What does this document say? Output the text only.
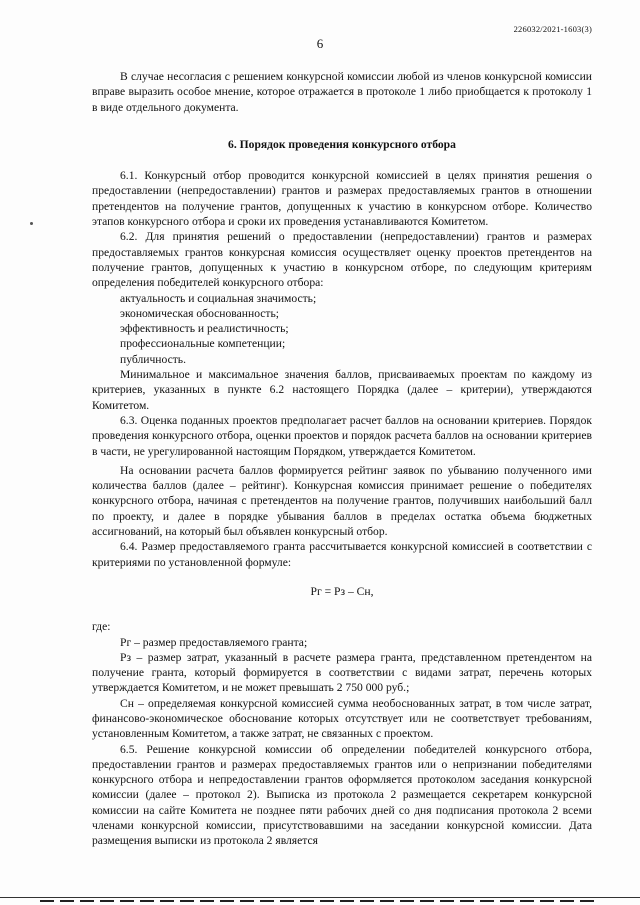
226032/2021-1603(3)
6

В случае несогласия с решением конкурсной комиссии любой из членов конкурсной комиссии вправе выразить особое мнение, которое отражается в протоколе 1 либо приобщается к протоколу 1 в виде отдельного документа.

6. Порядок проведения конкурсного отбора

6.1. Конкурсный отбор проводится конкурсной комиссией в целях принятия решения о предоставлении (непредоставлении) грантов и размерах предоставляемых грантов в отношении претендентов на получение грантов, допущенных к участию в конкурсном отборе. Количество этапов конкурсного отбора и сроки их проведения устанавливаются Комитетом.

6.2. Для принятия решений о предоставлении (непредоставлении) грантов и размерах предоставляемых грантов конкурсная комиссия осуществляет оценку проектов претендентов на получение грантов, допущенных к участию в конкурсном отборе, по следующим критериям определения победителей конкурсного отбора:

актуальность и социальная значимость;

экономическая обоснованность;

эффективность и реалистичность;

профессиональные компетенции;

публичность.

Минимальное и максимальное значения баллов, присваиваемых проектам по каждому из критериев, указанных в пункте 6.2 настоящего Порядка (далее – критерии), утверждаются Комитетом.

6.3. Оценка поданных проектов предполагает расчет баллов на основании критериев. Порядок проведения конкурсного отбора, оценки проектов и порядок расчета баллов на основании критериев в части, не урегулированной настоящим Порядком, утверждается Комитетом.

На основании расчета баллов формируется рейтинг заявок по убыванию полученного ими количества баллов (далее – рейтинг). Конкурсная комиссия принимает решение о победителях конкурсного отбора, начиная с претендентов на получение грантов, получивших наибольший балл по проекту, и далее в порядке убывания баллов в пределах остатка объема бюджетных ассигнований, на который был объявлен конкурсный отбор.

6.4. Размер предоставляемого гранта рассчитывается конкурсной комиссией в соответствии с критериями по установленной формуле:

Рг = Рз – Сн,

где:

Рг – размер предоставляемого гранта;

Рз – размер затрат, указанный в расчете размера гранта, представленном претендентом на получение гранта, который формируется в соответствии с видами затрат, перечень которых утверждается Комитетом, и не может превышать 2 750 000 руб.;

Сн – определяемая конкурсной комиссией сумма необоснованных затрат, в том числе затрат, финансово-экономическое обоснование которых отсутствует или не соответствует требованиям, установленным Комитетом, а также затрат, не связанных с проектом.

6.5. Решение конкурсной комиссии об определении победителей конкурсного отбора, предоставлении грантов и размерах предоставляемых грантов или о непризнании победителями конкурсного отбора и непредоставлении грантов оформляется протоколом заседания конкурсной комиссии (далее – протокол 2). Выписка из протокола 2 размещается секретарем конкурсной комиссии на сайте Комитета не позднее пяти рабочих дней со дня подписания протокола 2 всеми членами конкурсной комиссии, присутствовавшими на заседании конкурсной комиссии. Дата размещения выписки из протокола 2 является
